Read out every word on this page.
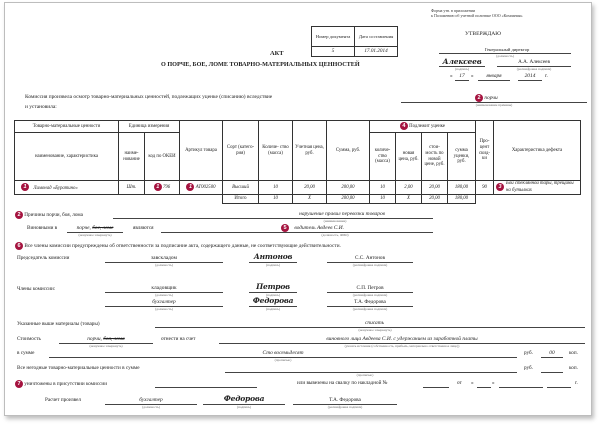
Форма утв. в приложении
к Положению об учетной политике ООО «Компания»
УТВЕРЖДАЮ
Генеральный директор
(должность)
Алексеев
(подпись)
А.А. Алексеев
(расшифровка подписи)
«	17	»	января	2014	г.
Номер документа	Дата составления
5	17.01.2014
АКТ
О ПОРЧЕ, БОЕ, ЛОМЕ ТОВАРНО-МАТЕРИАЛЬНЫХ ЦЕННОСТЕЙ
Комиссия произвела осмотр товарно-материальных ценностей, подлежащих уценке (списанию) вследствие
и установила:
2 порчи
(наименование причины)
Товарно-материальные ценности	Единица измерения		Артикул товара	Сорт (катего- рия)	Количе- ство (масса)	Учетная цена, руб.	Сумма, руб.	4 Подлежит уценке				Про- цент скид- ки	Характеристика дефекта
наименование, характеристика	наиме- нование	код по ОКЕИ						количе- ство (масса)	новая цена, руб.	стои- мость по новой цене, руб.	сумма уценки, руб.		
1 Лимонад «Буратино»	Шт.	1 796	1 АТ002500	Высший	10	20,00	200,00	10	2,00	20,00	180,00	90	3
Бой стеклянной тары, трещины на бутылках

				Итого	10	X	200,00	10	X	20,00	180,00		
2 Причины порчи, боя, лома	нарушение правил перевозки товаров
(наименование)
Виновными в	порче, бое, ломе
(ненужное зачеркнуть)
являются	5 водитель Авдеев С.И.
(должность, ФИО)
6 Все члены комиссии предупреждены об ответственности за подписание акта, содержащего данные, не соответствующие действительности.
Председатель комиссии	завскладом
(должность)
Антонов
(подпись)
С.С. Антонов
(расшифровка подписи)
Члены комиссии:	кладовщик
(должность)
Петров
(подпись)
С.П. Петров
(расшифровка подписи)
бухгалтер
(должность)
Федорова
(подпись)
Т.А. Федорова
(расшифровка подписи)
Указанные выше материалы (товары)	списать
(ненужное зачеркнуть)
Стоимость	порчи, боя, лома
(ненужное зачеркнуть)
отнести на счет	виновного лица Авдеева С.И. с удержанием из заработной платы
(указать источник (собственность, прибыль, материально ответственное лицо))
в сумме	Сто восемьдесят
(прописью)
руб.	00	коп.
Все негодные товарно-материальные ценности в сумме
(прописью)
руб.	коп.
7 уничтожены в присутствии комиссии	или вывезены на свалку по накладной №	от «	»	г.
Расчет произвел	бухгалтер
(должность)
Федорова
(подпись)
Т.А. Федорова
(расшифровка подписи)
